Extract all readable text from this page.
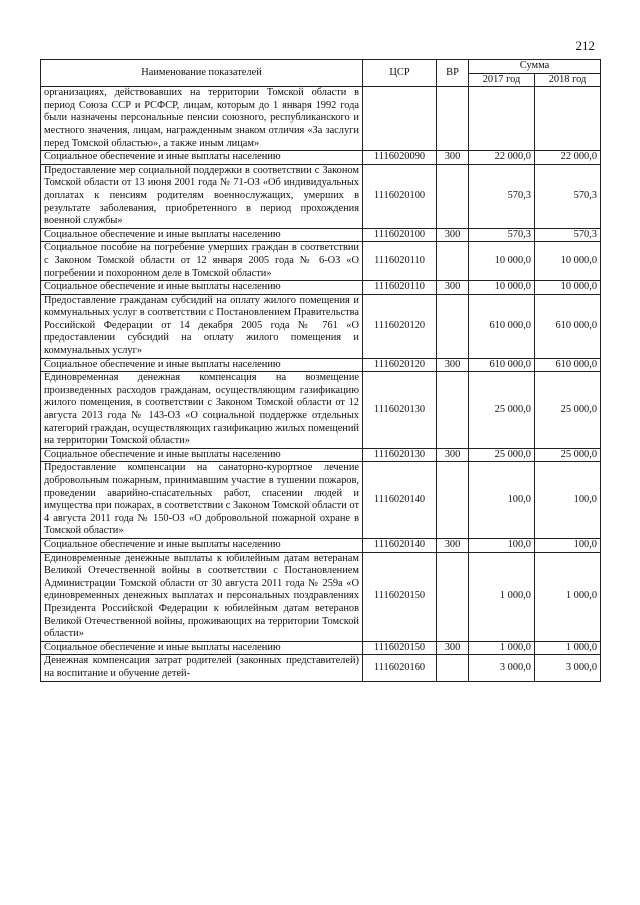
212
Наименование показателей	ЦСР	ВР	Сумма	
			2017 год	2018 год
организациях, действовавших на территории Томской области в период Союза ССР и РСФСР, лицам, которым до 1 января 1992 года были назначены персональные пенсии союзного, республиканского и местного значения, лицам, награжденным знаком отличия «За заслуги перед Томской областью», а также иным лицам»				
Социальное обеспечение и иные выплаты населению	1116020090	300	22 000,0	22 000,0
Предоставление мер социальной поддержки в соответствии с Законом Томской области от 13 июня 2001 года № 71-ОЗ «Об индивидуальных доплатах к пенсиям родителям военнослужащих, умерших в результате заболевания, приобретенного в период прохождения военной службы»	1116020100		570,3	570,3
Социальное обеспечение и иные выплаты населению	1116020100	300	570,3	570,3
Социальное пособие на погребение умерших граждан в соответствии с Законом Томской области от 12 января 2005 года № 6-ОЗ «О погребении и похоронном деле в Томской области»	1116020110		10 000,0	10 000,0
Социальное обеспечение и иные выплаты населению	1116020110	300	10 000,0	10 000,0
Предоставление гражданам субсидий на оплату жилого помещения и коммунальных услуг в соответствии с Постановлением Правительства Российской Федерации от 14 декабря 2005 года № 761 «О предоставлении субсидий на оплату жилого помещения и коммунальных услуг»	1116020120		610 000,0	610 000,0
Социальное обеспечение и иные выплаты населению	1116020120	300	610 000,0	610 000,0
Единовременная денежная компенсация на возмещение произведенных расходов гражданам, осуществляющим газификацию жилого помещения, в соответствии с Законом Томской области от 12 августа 2013 года № 143-ОЗ «О социальной поддержке отдельных категорий граждан, осуществляющих газификацию жилых помещений на территории Томской области»	1116020130		25 000,0	25 000,0
Социальное обеспечение и иные выплаты населению	1116020130	300	25 000,0	25 000,0
Предоставление компенсации на санаторно-курортное лечение добровольным пожарным, принимавшим участие в тушении пожаров, проведении аварийно-спасательных работ, спасении людей и имущества при пожарах, в соответствии с Законом Томской области от 4 августа 2011 года № 150-ОЗ «О добровольной пожарной охране в Томской области»	1116020140		100,0	100,0
Социальное обеспечение и иные выплаты населению	1116020140	300	100,0	100,0
Единовременные денежные выплаты к юбилейным датам ветеранам Великой Отечественной войны в соответствии с Постановлением Администрации Томской области от 30 августа 2011 года № 259а «О единовременных денежных выплатах и персональных поздравлениях Президента Российской Федерации к юбилейным датам ветеранов Великой Отечественной войны, проживающих на территории Томской области»	1116020150		1 000,0	1 000,0
Социальное обеспечение и иные выплаты населению	1116020150	300	1 000,0	1 000,0
Денежная компенсация затрат родителей (законных представителей) на воспитание и обучение детей-	1116020160		3 000,0	3 000,0
